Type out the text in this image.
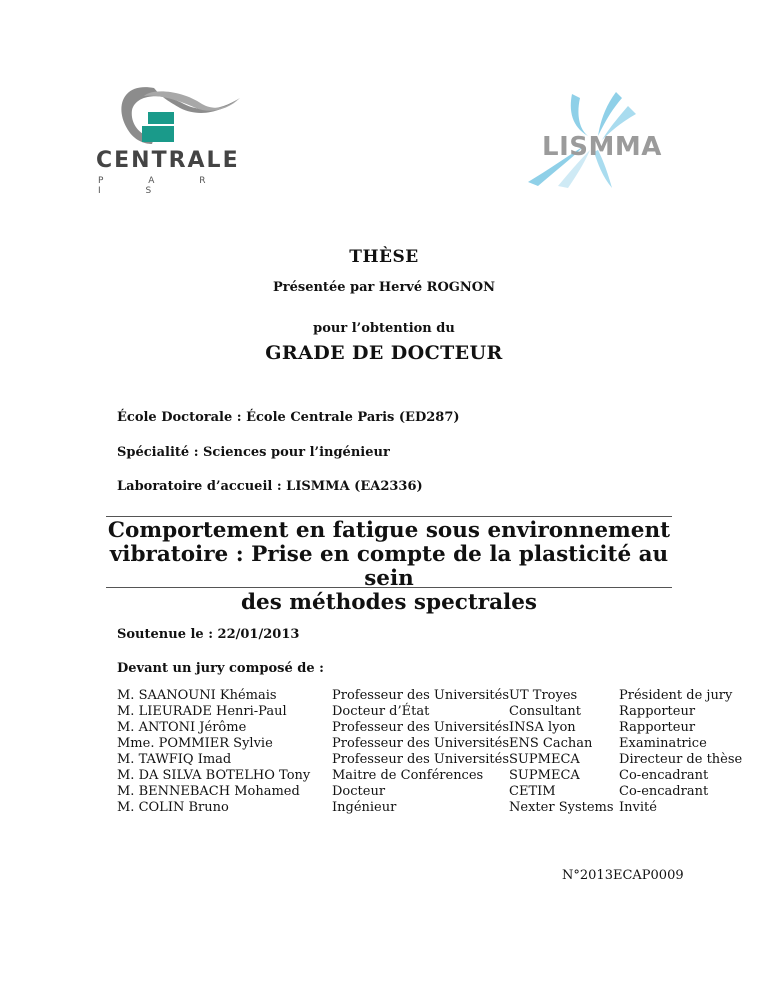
CENTRALE
P A R I S
LISMMA
THÈSE
Présentée par Hervé ROGNON
pour l’obtention du
GRADE DE DOCTEUR
École Doctorale : École Centrale Paris (ED287)
Spécialité : Sciences pour l’ingénieur
Laboratoire d’accueil : LISMMA (EA2336)
Comportement en fatigue sous environnement
vibratoire : Prise en compte de la plasticité au sein
des méthodes spectrales
Soutenue le : 22/01/2013
Devant un jury composé de :
M. SAANOUNI Khémais	Professeur des Universités	UT Troyes	Président de jury
M. LIEURADE Henri-Paul	Docteur d’État	Consultant	Rapporteur
M. ANTONI Jérôme	Professeur des Universités	INSA lyon	Rapporteur
Mme. POMMIER Sylvie	Professeur des Universités	ENS Cachan	Examinatrice
M. TAWFIQ Imad	Professeur des Universités	SUPMECA	Directeur de thèse
M. DA SILVA BOTELHO Tony	Maitre de Conférences	SUPMECA	Co-encadrant
M. BENNEBACH Mohamed	Docteur	CETIM	Co-encadrant
M. COLIN Bruno	Ingénieur	Nexter Systems	Invité
N°2013ECAP0009
